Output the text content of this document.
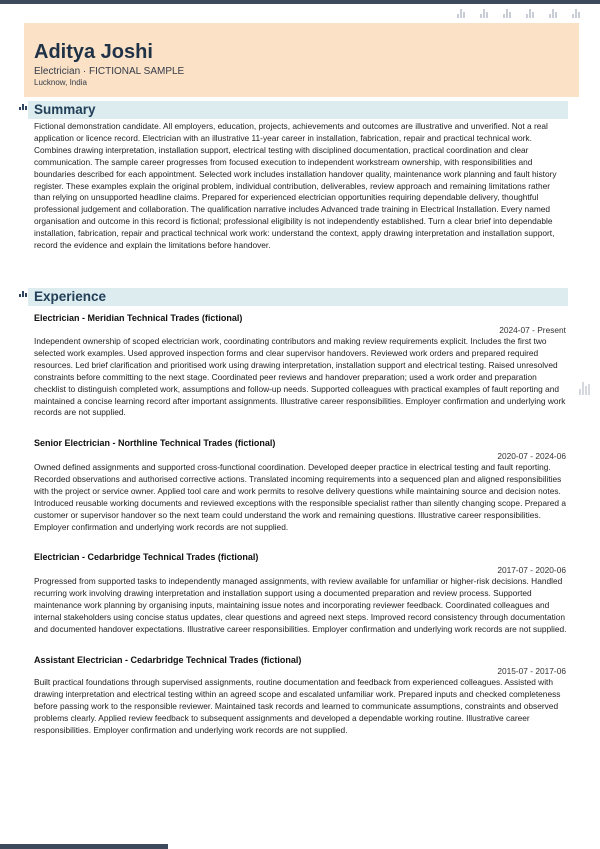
Aditya Joshi
Electrician · FICTIONAL SAMPLE
Lucknow, India
Summary
Fictional demonstration candidate. All employers, education, projects, achievements and outcomes are illustrative and unverified. Not a real application or licence record. Electrician with an illustrative 11-year career in installation, fabrication, repair and practical technical work. Combines drawing interpretation, installation support, electrical testing with disciplined documentation, practical coordination and clear communication. The sample career progresses from focused execution to independent workstream ownership, with responsibilities and boundaries described for each appointment. Selected work includes installation handover quality, maintenance work planning and fault history register. These examples explain the original problem, individual contribution, deliverables, review approach and remaining limitations rather than relying on unsupported headline claims. Prepared for experienced electrician opportunities requiring dependable delivery, thoughtful professional judgement and collaboration. The qualification narrative includes Advanced trade training in Electrical Installation. Every named organisation and outcome in this record is fictional; professional eligibility is not independently established. Turn a clear brief into dependable installation, fabrication, repair and practical technical work work: understand the context, apply drawing interpretation and installation support, record the evidence and explain the limitations before handover.
Experience
Electrician - Meridian Technical Trades (fictional)
2024-07 - Present
Independent ownership of scoped electrician work, coordinating contributors and making review requirements explicit. Includes the first two selected work examples. Used approved inspection forms and clear supervisor handovers. Reviewed work orders and prepared required resources. Led brief clarification and prioritised work using drawing interpretation, installation support and electrical testing. Raised unresolved constraints before committing to the next stage. Coordinated peer reviews and handover preparation; used a work order and preparation checklist to distinguish completed work, assumptions and follow-up needs. Supported colleagues with practical examples of fault reporting and maintained a concise learning record after important assignments. Illustrative career responsibilities. Employer confirmation and underlying work records are not supplied.
Senior Electrician - Northline Technical Trades (fictional)
2020-07 - 2024-06
Owned defined assignments and supported cross-functional coordination. Developed deeper practice in electrical testing and fault reporting. Recorded observations and authorised corrective actions. Translated incoming requirements into a sequenced plan and aligned responsibilities with the project or service owner. Applied tool care and work permits to resolve delivery questions while maintaining source and decision notes. Introduced reusable working documents and reviewed exceptions with the responsible specialist rather than silently changing scope. Prepared a customer or supervisor handover so the next team could understand the work and remaining questions. Illustrative career responsibilities. Employer confirmation and underlying work records are not supplied.
Electrician - Cedarbridge Technical Trades (fictional)
2017-07 - 2020-06
Progressed from supported tasks to independently managed assignments, with review available for unfamiliar or higher-risk decisions. Handled recurring work involving drawing interpretation and installation support using a documented preparation and review process. Supported maintenance work planning by organising inputs, maintaining issue notes and incorporating reviewer feedback. Coordinated colleagues and internal stakeholders using concise status updates, clear questions and agreed next steps. Improved record consistency through documentation and documented handover expectations. Illustrative career responsibilities. Employer confirmation and underlying work records are not supplied.
Assistant Electrician - Cedarbridge Technical Trades (fictional)
2015-07 - 2017-06
Built practical foundations through supervised assignments, routine documentation and feedback from experienced colleagues. Assisted with drawing interpretation and electrical testing within an agreed scope and escalated unfamiliar work. Prepared inputs and checked completeness before passing work to the responsible reviewer. Maintained task records and learned to communicate assumptions, constraints and observed problems clearly. Applied review feedback to subsequent assignments and developed a dependable working routine. Illustrative career responsibilities. Employer confirmation and underlying work records are not supplied.
